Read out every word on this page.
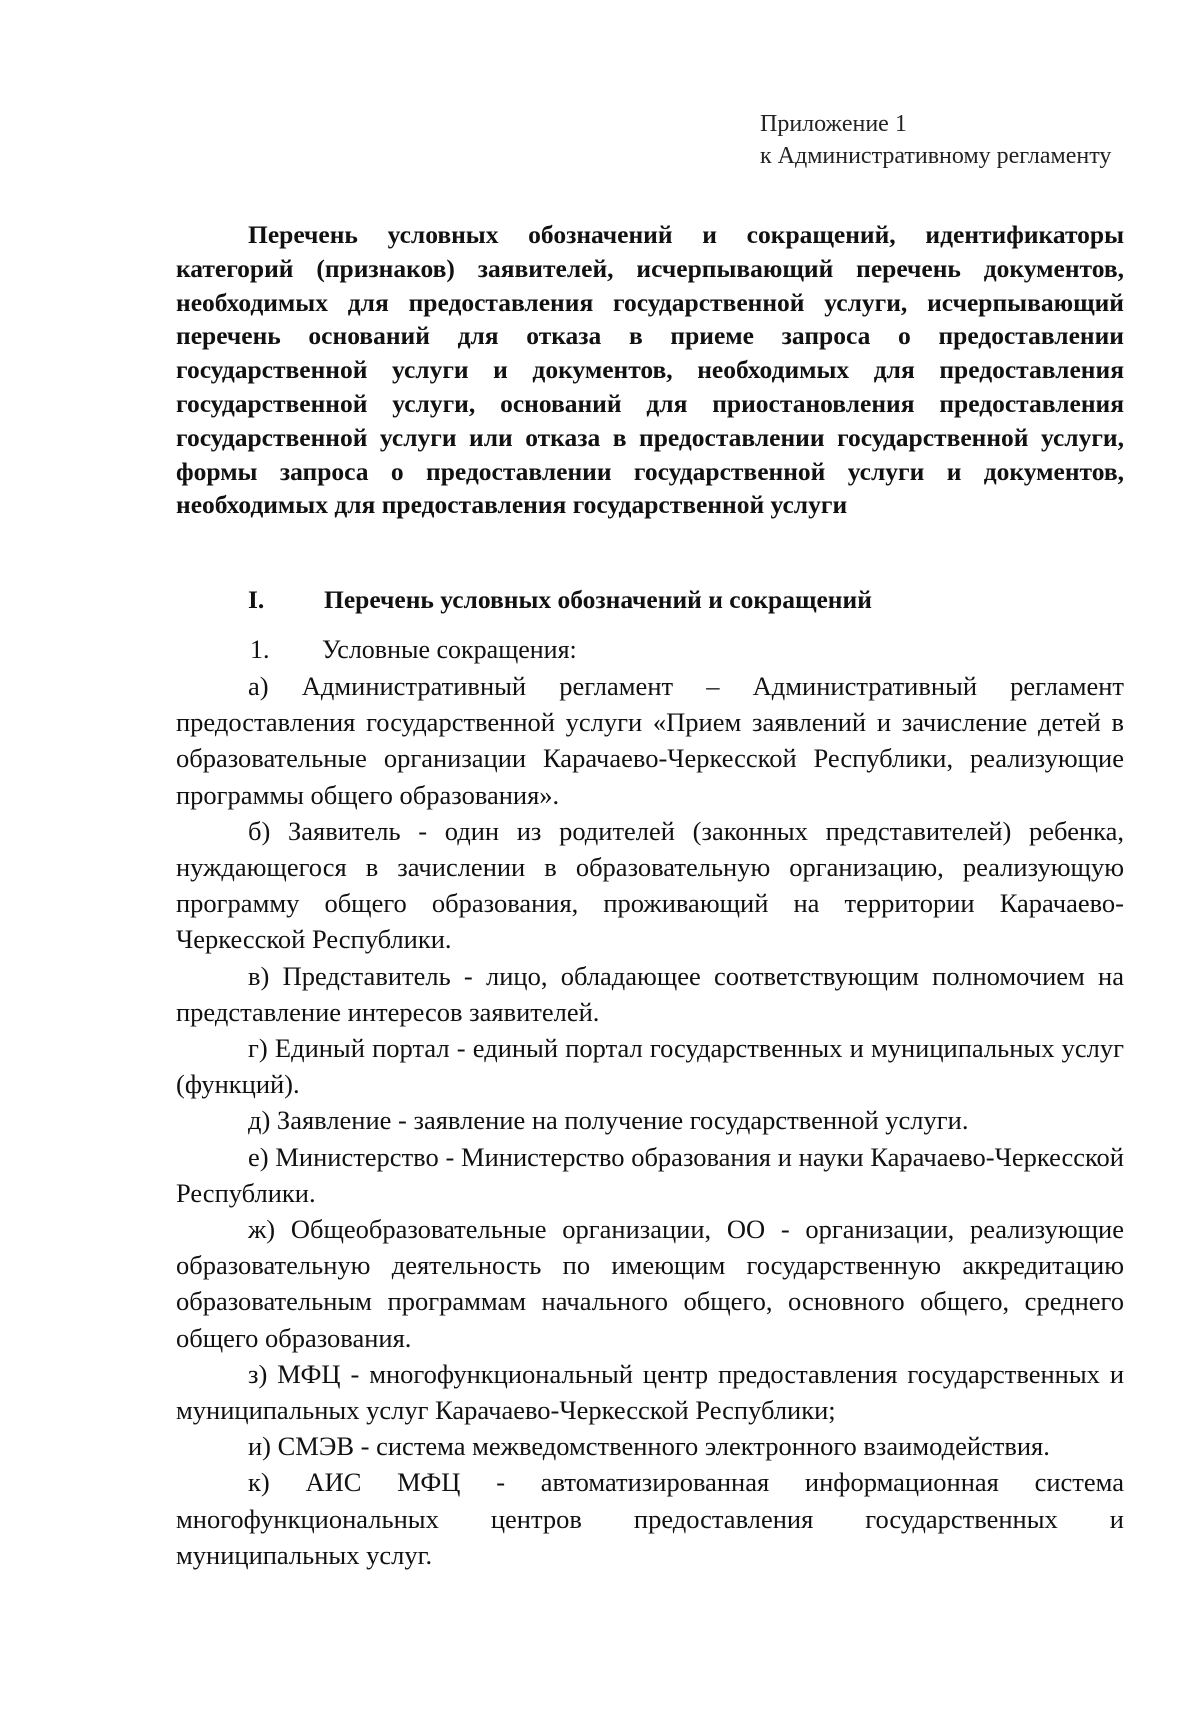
Приложение 1
к Административному регламенту

Перечень условных обозначений и сокращений, идентификаторы категорий (признаков) заявителей, исчерпывающий перечень документов, необходимых для предоставления государственной услуги, исчерпывающий перечень оснований для отказа в приеме запроса о предоставлении государственной услуги и документов, необходимых для предоставления государственной услуги, оснований для приостановления предоставления государственной услуги или отказа в предоставлении государственной услуги, формы запроса о предоставлении государственной услуги и документов, необходимых для предоставления государственной услуги

I. Перечень условных обозначений и сокращений
1. Условные сокращения:

а) Административный регламент – Административный регламент предоставления государственной услуги «Прием заявлений и зачисление детей в образовательные организации Карачаево-Черкесской Республики, реализующие программы общего образования».

б) Заявитель - один из родителей (законных представителей) ребенка, нуждающегося в зачислении в образовательную организацию, реализующую программу общего образования, проживающий на территории Карачаево-Черкесской Республики.

в) Представитель - лицо, обладающее соответствующим полномочием на представление интересов заявителей.

г) Единый портал - единый портал государственных и муниципальных услуг (функций).

д) Заявление - заявление на получение государственной услуги.

е) Министерство - Министерство образования и науки Карачаево-Черкесской Республики.

ж) Общеобразовательные организации, ОО - организации, реализующие образовательную деятельность по имеющим государственную аккредитацию образовательным программам начального общего, основного общего, среднего общего образования.

з) МФЦ - многофункциональный центр предоставления государственных и муниципальных услуг Карачаево-Черкесской Республики;

и) СМЭВ - система межведомственного электронного взаимодействия.

к) АИС МФЦ - автоматизированная информационная система многофункциональных центров предоставления государственных и муниципальных услуг.
